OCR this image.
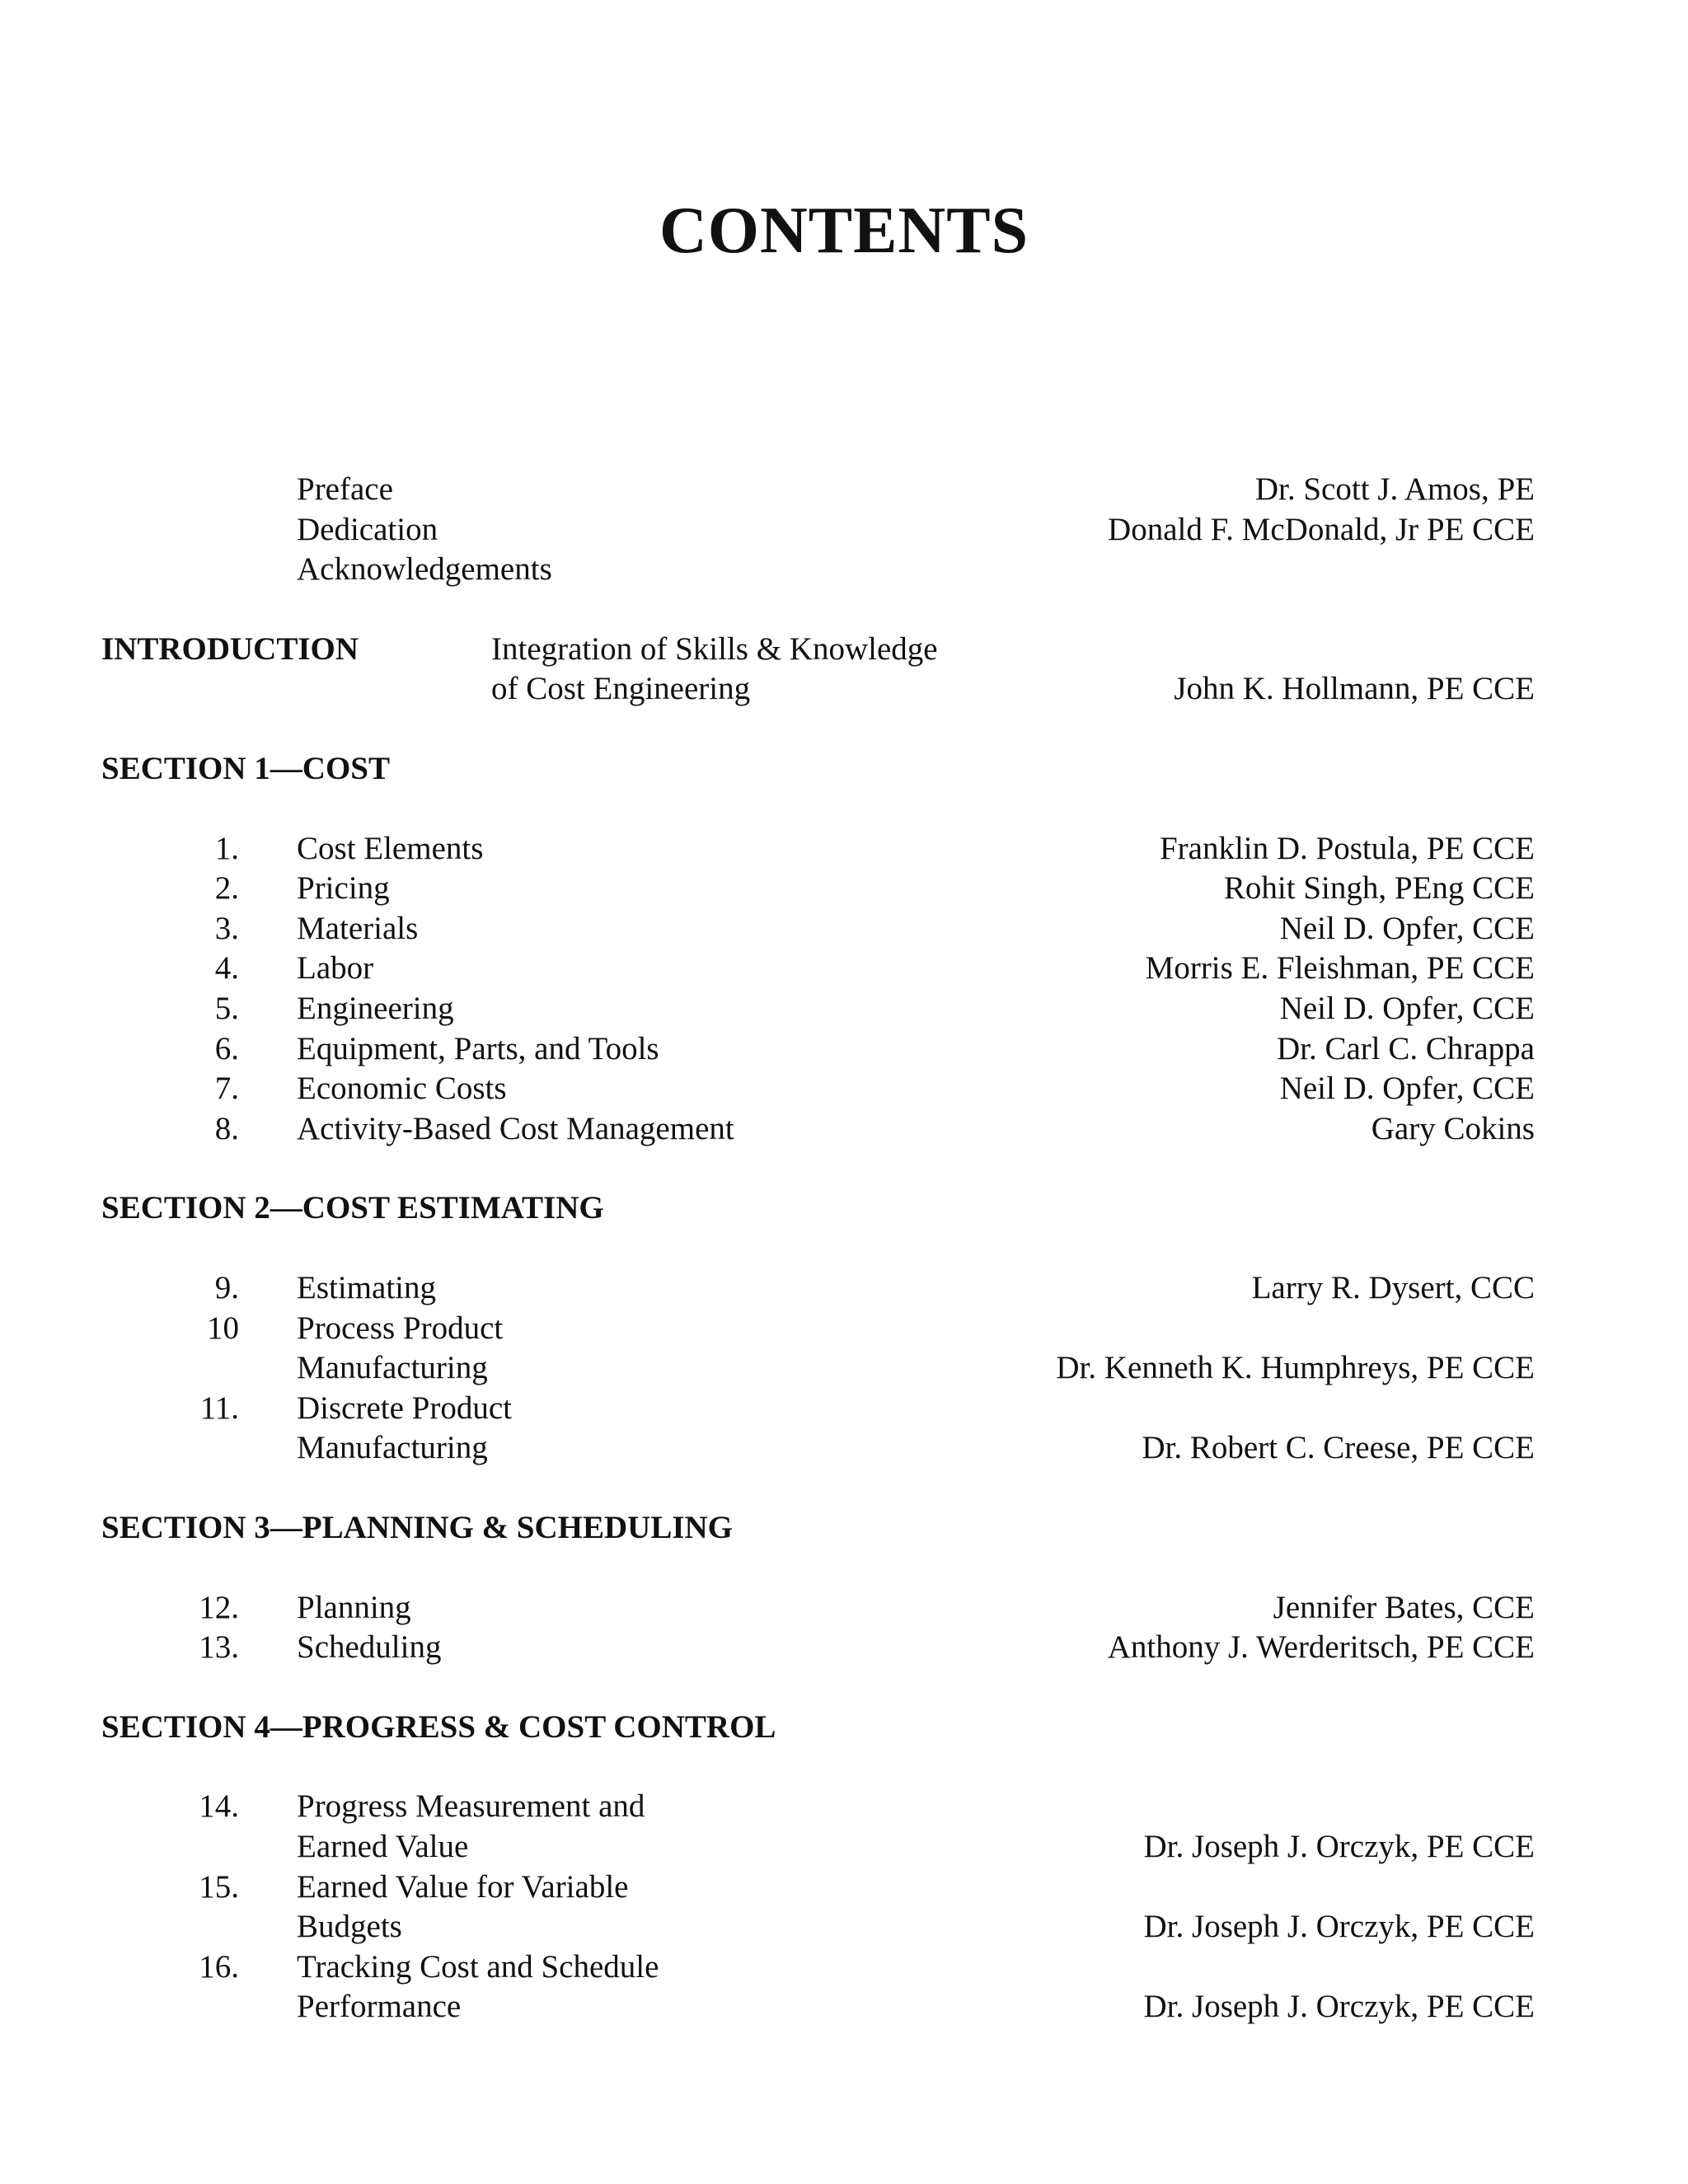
CONTENTS
Preface	Dr. Scott J. Amos, PE
Dedication	Donald F. McDonald, Jr PE CCE
Acknowledgements
INTRODUCTION	Integration of Skills & Knowledge
of Cost Engineering	John K. Hollmann, PE CCE
SECTION 1—COST
1. Cost Elements	Franklin D. Postula, PE CCE
2. Pricing	Rohit Singh, PEng CCE
3. Materials	Neil D. Opfer, CCE
4. Labor	Morris E. Fleishman, PE CCE
5. Engineering	Neil D. Opfer, CCE
6. Equipment, Parts, and Tools	Dr. Carl C. Chrappa
7. Economic Costs	Neil D. Opfer, CCE
8. Activity-Based Cost Management	Gary Cokins
SECTION 2—COST ESTIMATING
9. Estimating	Larry R. Dysert, CCC
10 Process Product
Manufacturing	Dr. Kenneth K. Humphreys, PE CCE
11. Discrete Product
Manufacturing	Dr. Robert C. Creese, PE CCE
SECTION 3—PLANNING & SCHEDULING
12. Planning	Jennifer Bates, CCE
13. Scheduling	Anthony J. Werderitsch, PE CCE
SECTION 4—PROGRESS & COST CONTROL
14. Progress Measurement and
Earned Value	Dr. Joseph J. Orczyk, PE CCE
15. Earned Value for Variable
Budgets	Dr. Joseph J. Orczyk, PE CCE
16. Tracking Cost and Schedule
Performance	Dr. Joseph J. Orczyk, PE CCE
